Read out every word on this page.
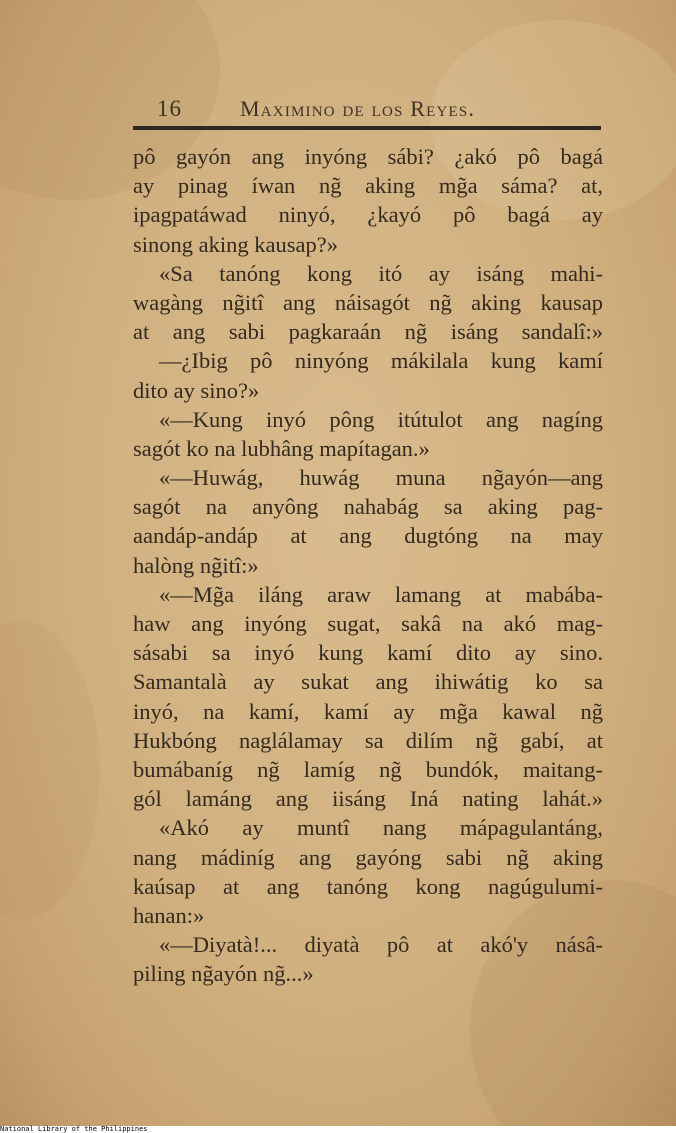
16	Maximino de los Reyes.
pô gayón ang inyóng sábi? ¿akó pô bagá
ay pinag íwan ng̃ aking mg̃a sáma? at,
ipagpatáwad ninyó, ¿kayó pô bagá ay
sinong aking kausap?»
«Sa tanóng kong itó ay isáng mahi-
wagàng ng̃itî ang náisagót ng̃ aking kausap
at ang sabi pagkaraán ng̃ isáng sandalî:»
—¿Ibig pô ninyóng mákilala kung kamí
dito ay sino?»
«—Kung inyó pông itútulot ang nagíng
sagót ko na lubhâng mapítagan.»
«—Huwág, huwág muna ng̃ayón—ang
sagót na anyông nahabág sa aking pag-
aandáp-andáp at ang dugtóng na may
halòng ng̃itî:»
«—Mg̃a iláng araw lamang at mabába-
haw ang inyóng sugat, sakâ na akó mag-
sásabi sa inyó kung kamí dito ay sino.
Samantalà ay sukat ang ihiwátig ko sa
inyó, na kamí, kamí ay mg̃a kawal ng̃
Hukbóng naglálamay sa dilím ng̃ gabí, at
bumábaníg ng̃ lamíg ng̃ bundók, maitang-
gól lamáng ang iisáng Iná nating lahát.»
«Akó ay muntî nang mápagulantáng,
nang mádiníg ang gayóng sabi ng̃ aking
kaúsap at ang tanóng kong nagúgulumi-
hanan:»
«—Diyatà!... diyatà pô at akó'y násâ-
piling ng̃ayón ng̃...»
National Library of the Philippines
